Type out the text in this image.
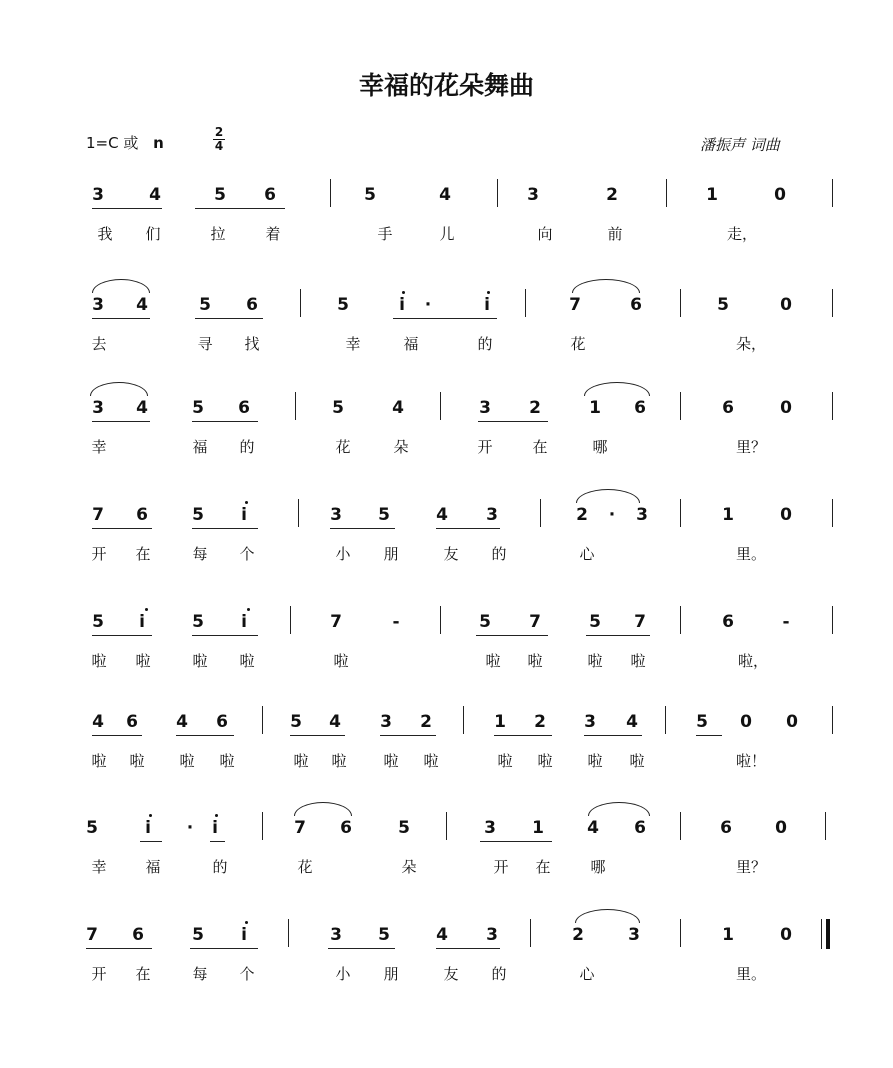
幸福的花朵舞曲
1=C 或 n
2
4	潘振声 词曲
3	4	5 6	5	4	3	2	1	0
我	们	拉	着	手	儿	向	前	走，
3 4	5 6	5	i	·	i	7	6	5	0
去	寻	找	幸	福	的	花	朵，
3 4	5 6	5	4	3 2	1 6	6	0
幸	福	的	花	朵	开	在	哪	里？
7 6	5	i	3 5	4 3	2	·	3	1	0
开	在	每	个	小	朋	友	的	心	里。
5	i	5	i	7	-	5 7	5 7	6	-
啦	啦	啦	啦	啦	啦	啦	啦	啦	啦，
4 6 4 6	5 4 3 2	1 2 3 4	5 0 0
啦	啦	啦	啦	啦	啦	啦	啦	啦	啦	啦	啦	啦！
5	i	·	i	7 6	5	3 1	4 6	6	0
幸	福	的	花	朵	开	在	哪	里？
7 6	5	i	3 5	4 3	2	3	1	0
开	在	每	个	小	朋	友	的	心	里。
